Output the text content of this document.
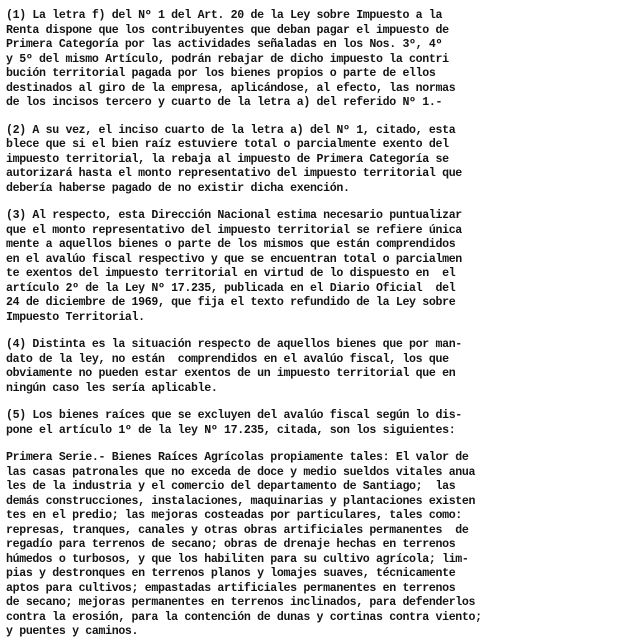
(1) La letra f) del Nº 1 del Art. 20 de la Ley sobre Impuesto a la
Renta dispone que los contribuyentes que deban pagar el impuesto de
Primera Categoría por las actividades señaladas en los Nos. 3º, 4º
y 5º del mismo Artículo, podrán rebajar de dicho impuesto la contri
bución territorial pagada por los bienes propios o parte de ellos
destinados al giro de la empresa, aplicándose, al efecto, las normas
de los incisos tercero y cuarto de la letra a) del referido Nº 1.-
(2) A su vez, el inciso cuarto de la letra a) del Nº 1, citado, esta
blece que si el bien raíz estuviere total o parcialmente exento del
impuesto territorial, la rebaja al impuesto de Primera Categoría se
autorizará hasta el monto representativo del impuesto territorial que
debería haberse pagado de no existir dicha exención.
(3) Al respecto, esta Dirección Nacional estima necesario puntualizar
que el monto representativo del impuesto territorial se refiere única
mente a aquellos bienes o parte de los mismos que están comprendidos
en el avalúo fiscal respectivo y que se encuentran total o parcialmen
te exentos del impuesto territorial en virtud de lo dispuesto en  el
artículo 2º de la Ley Nº 17.235, publicada en el Diario Oficial  del
24 de diciembre de 1969, que fija el texto refundido de la Ley sobre
Impuesto Territorial.
(4) Distinta es la situación respecto de aquellos bienes que por man-
dato de la ley, no están  comprendidos en el avalúo fiscal, los que
obviamente no pueden estar exentos de un impuesto territorial que en
ningún caso les sería aplicable.
(5) Los bienes raíces que se excluyen del avalúo fiscal según lo dis-
pone el artículo 1º de la ley Nº 17.235, citada, son los siguientes:
Primera Serie.- Bienes Raíces Agrícolas propiamente tales: El valor de
las casas patronales que no exceda de doce y medio sueldos vitales anua
les de la industria y el comercio del departamento de Santiago;  las
demás construcciones, instalaciones, maquinarias y plantaciones existen
tes en el predio; las mejoras costeadas por particulares, tales como:
represas, tranques, canales y otras obras artificiales permanentes  de
regadío para terrenos de secano; obras de drenaje hechas en terrenos
húmedos o turbosos, y que los habiliten para su cultivo agrícola; lim-
pias y destronques en terrenos planos y lomajes suaves, técnicamente
aptos para cultivos; empastadas artificiales permanentes en terrenos
de secano; mejoras permanentes en terrenos inclinados, para defenderlos
contra la erosión, para la contención de dunas y cortinas contra viento;
y puentes y caminos.
